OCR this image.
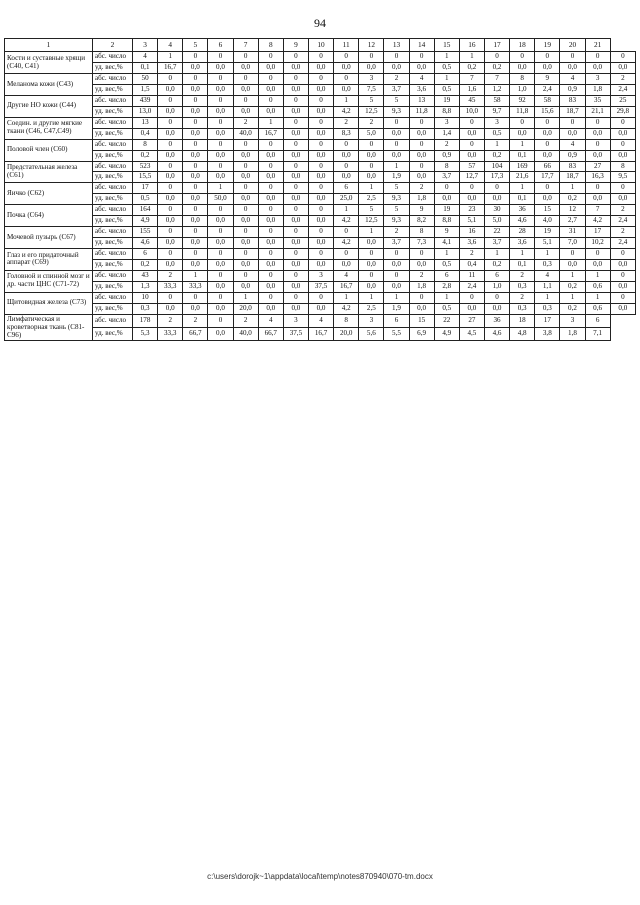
94
1	2	3	4	5	6	7	8	9	10	11	12	13	14	15	16	17	18	19	20	21	
Кости и суставные хрящи (С40, С41)	абс. число	4	1	0	0	0	0	0	0	0	0	0	0	1	1	0	0	0	0	0	0
	уд. вес,%	0,1	16,7	0,0	0,0	0,0	0,0	0,0	0,0	0,0	0,0	0,0	0,0	0,5	0,2	0,2	0,0	0,0	0,0	0,0	0,0
Меланома кожи (С43)	абс. число	50	0	0	0	0	0	0	0	0	3	2	4	1	7	7	8	9	4	3	2
	уд. вес,%	1,5	0,0	0,0	0,0	0,0	0,0	0,0	0,0	0,0	7,5	3,7	3,6	0,5	1,6	1,2	1,0	2,4	0,9	1,8	2,4
Другие НО кожи (С44)	абс. число	439	0	0	0	0	0	0	0	1	5	5	13	19	45	58	92	58	83	35	25
	уд. вес,%	13,0	0,0	0,0	0,0	0,0	0,0	0,0	0,0	4,2	12,5	9,3	11,8	8,8	10,0	9,7	11,8	15,6	18,7	21,1	29,8
Соедин. и другие мягкие ткани (С46, С47,С49)	абс. число	13	0	0	0	2	1	0	0	2	2	0	0	3	0	3	0	0	0	0	0
	уд. вес,%	0,4	0,0	0,0	0,0	40,0	16,7	0,0	0,0	8,3	5,0	0,0	0,0	1,4	0,0	0,5	0,0	0,0	0,0	0,0	0,0
Половой член (С60)	абс. число	8	0	0	0	0	0	0	0	0	0	0	0	2	0	1	1	0	4	0	0
	уд. вес,%	0,2	0,0	0,0	0,0	0,0	0,0	0,0	0,0	0,0	0,0	0,0	0,0	0,9	0,0	0,2	0,1	0,0	0,9	0,0	0,0
Предстательная железа (С61)	абс. число	523	0	0	0	0	0	0	0	0	0	1	0	8	57	104	169	66	83	27	8
	уд. вес,%	15,5	0,0	0,0	0,0	0,0	0,0	0,0	0,0	0,0	0,0	1,9	0,0	3,7	12,7	17,3	21,6	17,7	18,7	16,3	9,5
Яичко (С62)	абс. число	17	0	0	1	0	0	0	0	6	1	5	2	0	0	0	1	0	1	0	0
	уд. вес,%	0,5	0,0	0,0	50,0	0,0	0,0	0,0	0,0	25,0	2,5	9,3	1,8	0,0	0,0	0,0	0,1	0,0	0,2	0,0	0,0
Почка (С64)	абс. число	164	0	0	0	0	0	0	0	1	5	5	9	19	23	30	36	15	12	7	2
	уд. вес,%	4,9	0,0	0,0	0,0	0,0	0,0	0,0	0,0	4,2	12,5	9,3	8,2	8,8	5,1	5,0	4,6	4,0	2,7	4,2	2,4
Мочевой пузырь (С67)	абс. число	155	0	0	0	0	0	0	0	0	1	2	8	9	16	22	28	19	31	17	2
	уд. вес,%	4,6	0,0	0,0	0,0	0,0	0,0	0,0	0,0	4,2	0,0	3,7	7,3	4,1	3,6	3,7	3,6	5,1	7,0	10,2	2,4
Глаз и его придаточный аппарат (С69)	абс. число	6	0	0	0	0	0	0	0	0	0	0	0	1	2	1	1	1	0	0	0
	уд. вес,%	0,2	0,0	0,0	0,0	0,0	0,0	0,0	0,0	0,0	0,0	0,0	0,0	0,5	0,4	0,2	0,1	0,3	0,0	0,0	0,0
Головной и спинной мозг и др. части ЦНС (С71-72)	абс. число	43	2	1	0	0	0	0	3	4	0	0	2	6	11	6	2	4	1	1	0
	уд. вес,%	1,3	33,3	33,3	0,0	0,0	0,0	0,0	37,5	16,7	0,0	0,0	1,8	2,8	2,4	1,0	0,3	1,1	0,2	0,6	0,0
Щитовидная железа (С73)	абс. число	10	0	0	0	1	0	0	0	1	1	1	0	1	0	0	2	1	1	1	0
	уд. вес,%	0,3	0,0	0,0	0,0	20,0	0,0	0,0	0,0	4,2	2,5	1,9	0,0	0,5	0,0	0,0	0,3	0,3	0,2	0,6	0,0
Лимфатическая и кроветворная ткань (С81-С96)	абс. число	178	2	2	0	2	4	3	4	8	3	6	15	22	27	36	18	17	3	6	
	уд. вес,%	5,3	33,3	66,7	0,0	40,0	66,7	37,5	16,7	20,0	5,6	5,5	6,9	4,9	4,5	4,6	4,8	3,8	1,8	7,1	
c:\users\dorojk~1\appdata\local\temp\notes870940\070-tm.docx
